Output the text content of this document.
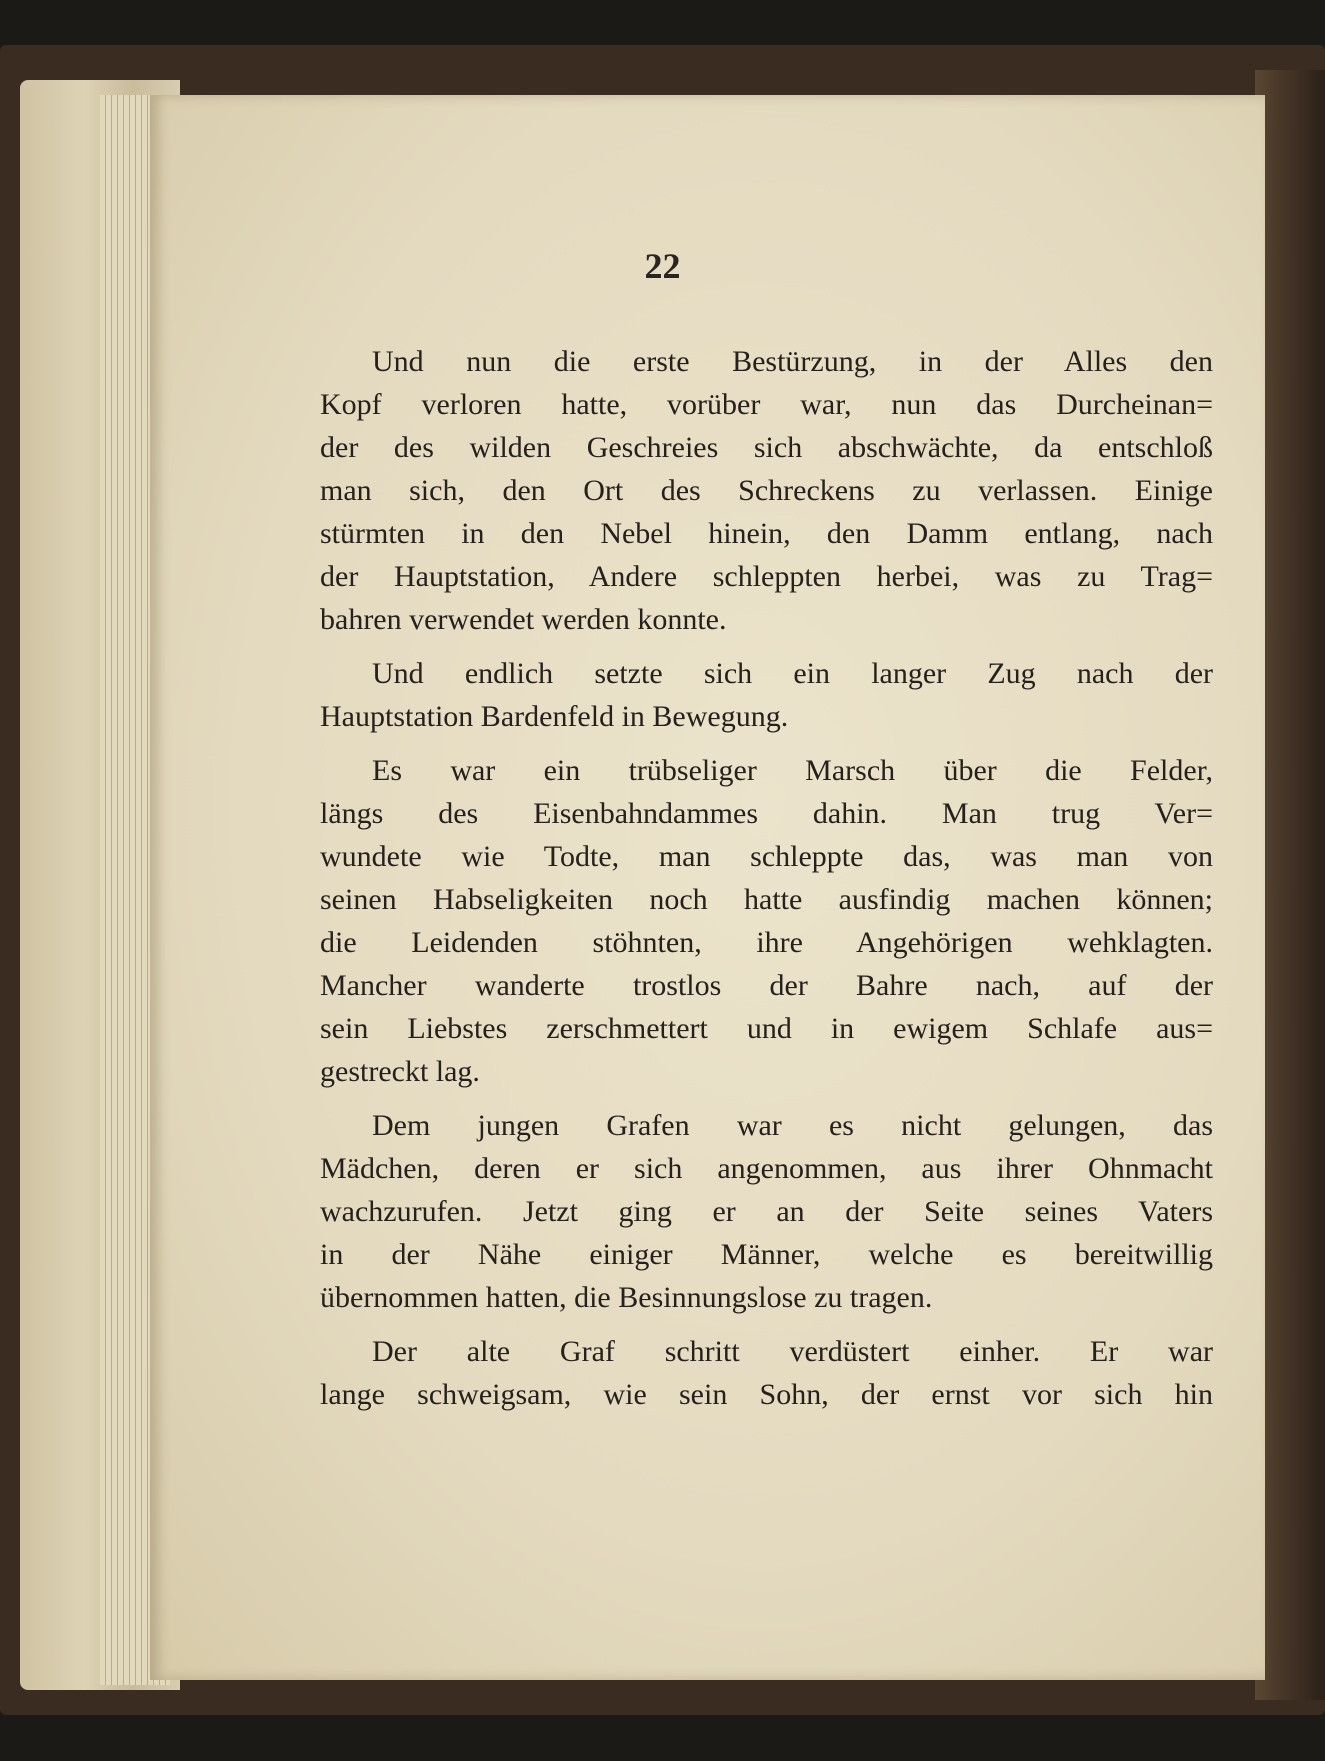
22
Und nun die erste Bestürzung, in der Alles den
Kopf verloren hatte, vorüber war, nun das Durcheinan=
der des wilden Geschreies sich abschwächte, da entschloß
man sich, den Ort des Schreckens zu verlassen. Einige
stürmten in den Nebel hinein, den Damm entlang, nach
der Hauptstation, Andere schleppten herbei, was zu Trag=
bahren verwendet werden konnte.
Und endlich setzte sich ein langer Zug nach der
Hauptstation Bardenfeld in Bewegung.
Es war ein trübseliger Marsch über die Felder,
längs des Eisenbahndammes dahin. Man trug Ver=
wundete wie Todte, man schleppte das, was man von
seinen Habseligkeiten noch hatte ausfindig machen können;
die Leidenden stöhnten, ihre Angehörigen wehklagten.
Mancher wanderte trostlos der Bahre nach, auf der
sein Liebstes zerschmettert und in ewigem Schlafe aus=
gestreckt lag.
Dem jungen Grafen war es nicht gelungen, das
Mädchen, deren er sich angenommen, aus ihrer Ohnmacht
wachzurufen. Jetzt ging er an der Seite seines Vaters
in der Nähe einiger Männer, welche es bereitwillig
übernommen hatten, die Besinnungslose zu tragen.
Der alte Graf schritt verdüstert einher. Er war
lange schweigsam, wie sein Sohn, der ernst vor sich hin
